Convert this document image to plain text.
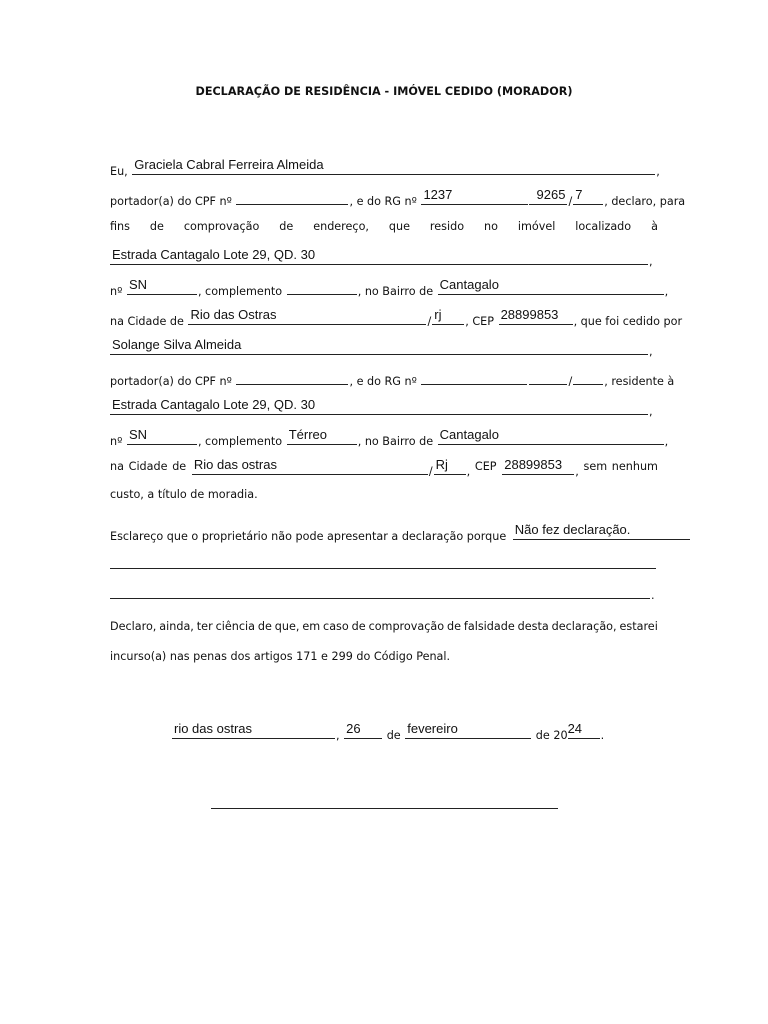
DECLARAÇÃO DE RESIDÊNCIA - IMÓVEL CEDIDO (MORADOR)
Eu, Graciela Cabral Ferreira Almeida	,
portador(a) do CPF nº	, e do RG nº 1237	9265 / 7	, declaro, para
fins de comprovação de endereço, que resido no imóvel localizado à
Estrada Cantagalo Lote 29, QD. 30	,
nº SN	, complemento	, no Bairro de Cantagalo	,
na Cidade de Rio das Ostras	/ rj	, CEP 28899853	, que foi cedido por
Solange Silva Almeida	,
portador(a) do CPF nº	, e do RG nº	/	, residente à
Estrada Cantagalo Lote 29, QD. 30	,
nº SN	, complemento Térreo	, no Bairro de Cantagalo	,
na Cidade de Rio das ostras	/ Rj	, CEP 28899853	, sem nenhum
custo, a título de moradia.
Esclareço que o proprietário não pode apresentar a declaração porque Não fez declaração.
.
Declaro, ainda, ter ciência de que, em caso de comprovação de falsidade desta declaração, estarei
incurso(a) nas penas dos artigos 171 e 299 do Código Penal.
rio das ostras	, 26	de fevereiro	de 20 24	.
